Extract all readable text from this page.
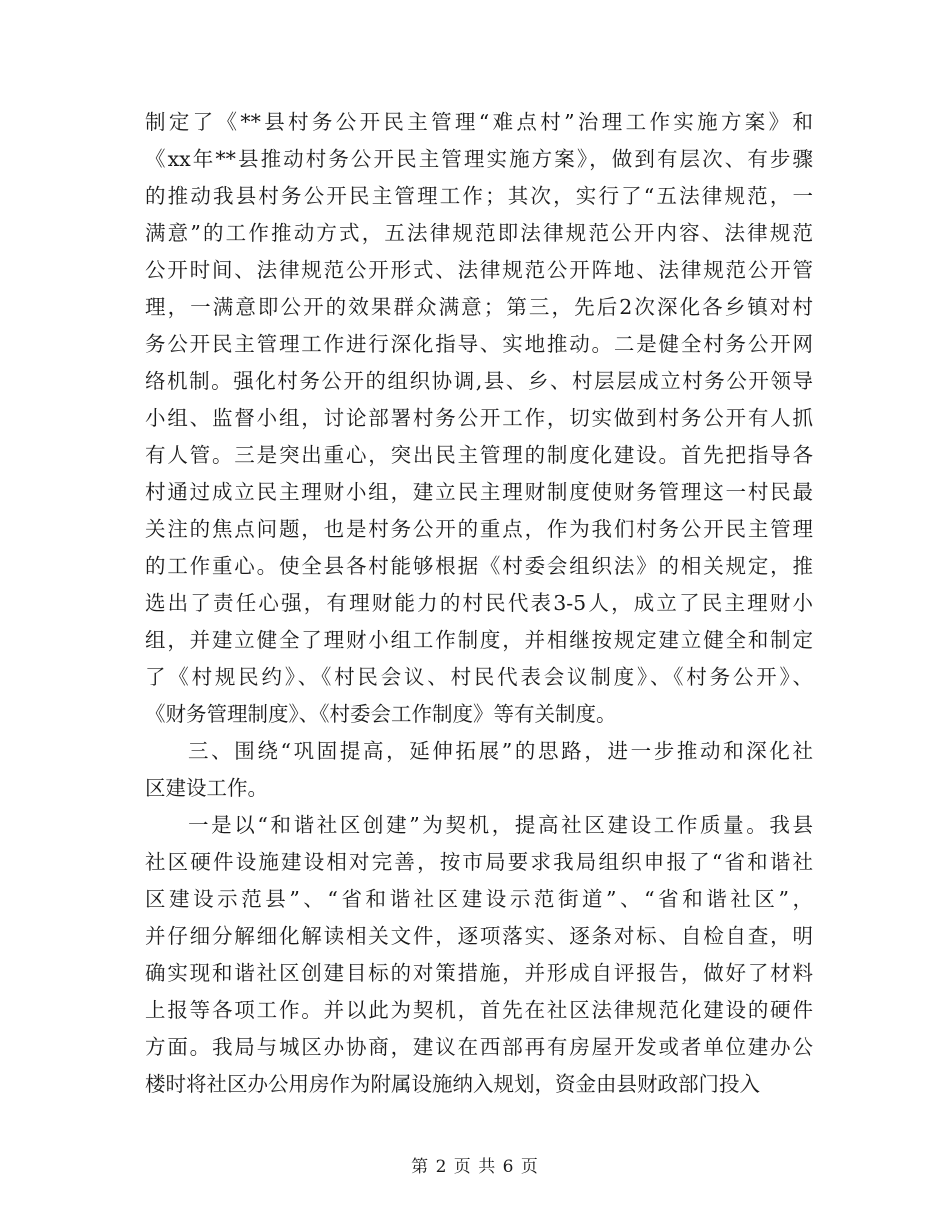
制定了《**县村务公开民主管理“难点村”治理工作实施方案》和
《xx年**县推动村务公开民主管理实施方案》，做到有层次、有步骤
的推动我县村务公开民主管理工作；其次，实行了“五法律规范，一
满意”的工作推动方式，五法律规范即法律规范公开内容、法律规范
公开时间、法律规范公开形式、法律规范公开阵地、法律规范公开管
理，一满意即公开的效果群众满意；第三，先后2次深化各乡镇对村
务公开民主管理工作进行深化指导、实地推动。二是健全村务公开网
络机制。强化村务公开的组织协调,县、乡、村层层成立村务公开领导
小组、监督小组，讨论部署村务公开工作，切实做到村务公开有人抓
有人管。三是突出重心，突出民主管理的制度化建设。首先把指导各
村通过成立民主理财小组，建立民主理财制度使财务管理这一村民最
关注的焦点问题，也是村务公开的重点，作为我们村务公开民主管理
的工作重心。使全县各村能够根据《村委会组织法》的相关规定，推
选出了责任心强，有理财能力的村民代表3-5人，成立了民主理财小
组，并建立健全了理财小组工作制度，并相继按规定建立健全和制定
了《村规民约》、《村民会议、村民代表会议制度》、《村务公开》、
《财务管理制度》、《村委会工作制度》等有关制度。
三、围绕“巩固提高，延伸拓展”的思路，进一步推动和深化社
区建设工作。
一是以“和谐社区创建”为契机，提高社区建设工作质量。我县
社区硬件设施建设相对完善，按市局要求我局组织申报了“省和谐社
区建设示范县”、“省和谐社区建设示范街道”、“省和谐社区”，
并仔细分解细化解读相关文件，逐项落实、逐条对标、自检自查，明
确实现和谐社区创建目标的对策措施，并形成自评报告，做好了材料
上报等各项工作。并以此为契机，首先在社区法律规范化建设的硬件
方面。我局与城区办协商，建议在西部再有房屋开发或者单位建办公
楼时将社区办公用房作为附属设施纳入规划，资金由县财政部门投入
第 2 页 共 6 页
